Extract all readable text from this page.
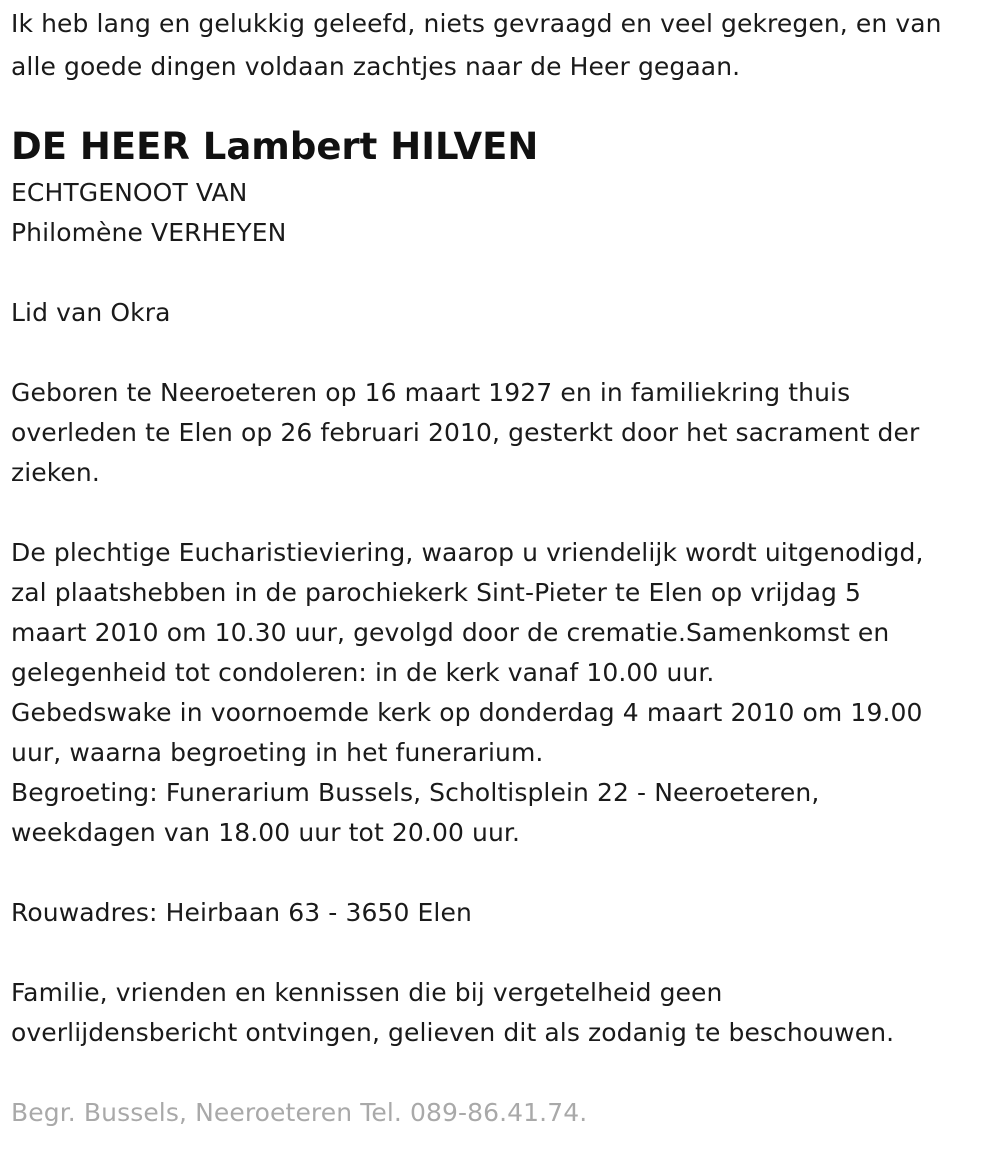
Ik heb lang en gelukkig geleefd, niets gevraagd en veel gekregen, en van
alle goede dingen voldaan zachtjes naar de Heer gegaan.
DE HEER Lambert HILVEN
ECHTGENOOT VAN
Philomène VERHEYEN
Lid van Okra
Geboren te Neeroeteren op 16 maart 1927 en in familiekring thuis
overleden te Elen op 26 februari 2010, gesterkt door het sacrament der
zieken.
De plechtige Eucharistieviering, waarop u vriendelijk wordt uitgenodigd,
zal plaatshebben in de parochiekerk Sint-Pieter te Elen op vrijdag 5
maart 2010 om 10.30 uur, gevolgd door de crematie.Samenkomst en
gelegenheid tot condoleren: in de kerk vanaf 10.00 uur.
Gebedswake in voornoemde kerk op donderdag 4 maart 2010 om 19.00
uur, waarna begroeting in het funerarium.
Begroeting: Funerarium Bussels, Scholtisplein 22 - Neeroeteren,
weekdagen van 18.00 uur tot 20.00 uur.
Rouwadres: Heirbaan 63 - 3650 Elen
Familie, vrienden en kennissen die bij vergetelheid geen
overlijdensbericht ontvingen, gelieven dit als zodanig te beschouwen.
Begr. Bussels, Neeroeteren Tel. 089-86.41.74.
